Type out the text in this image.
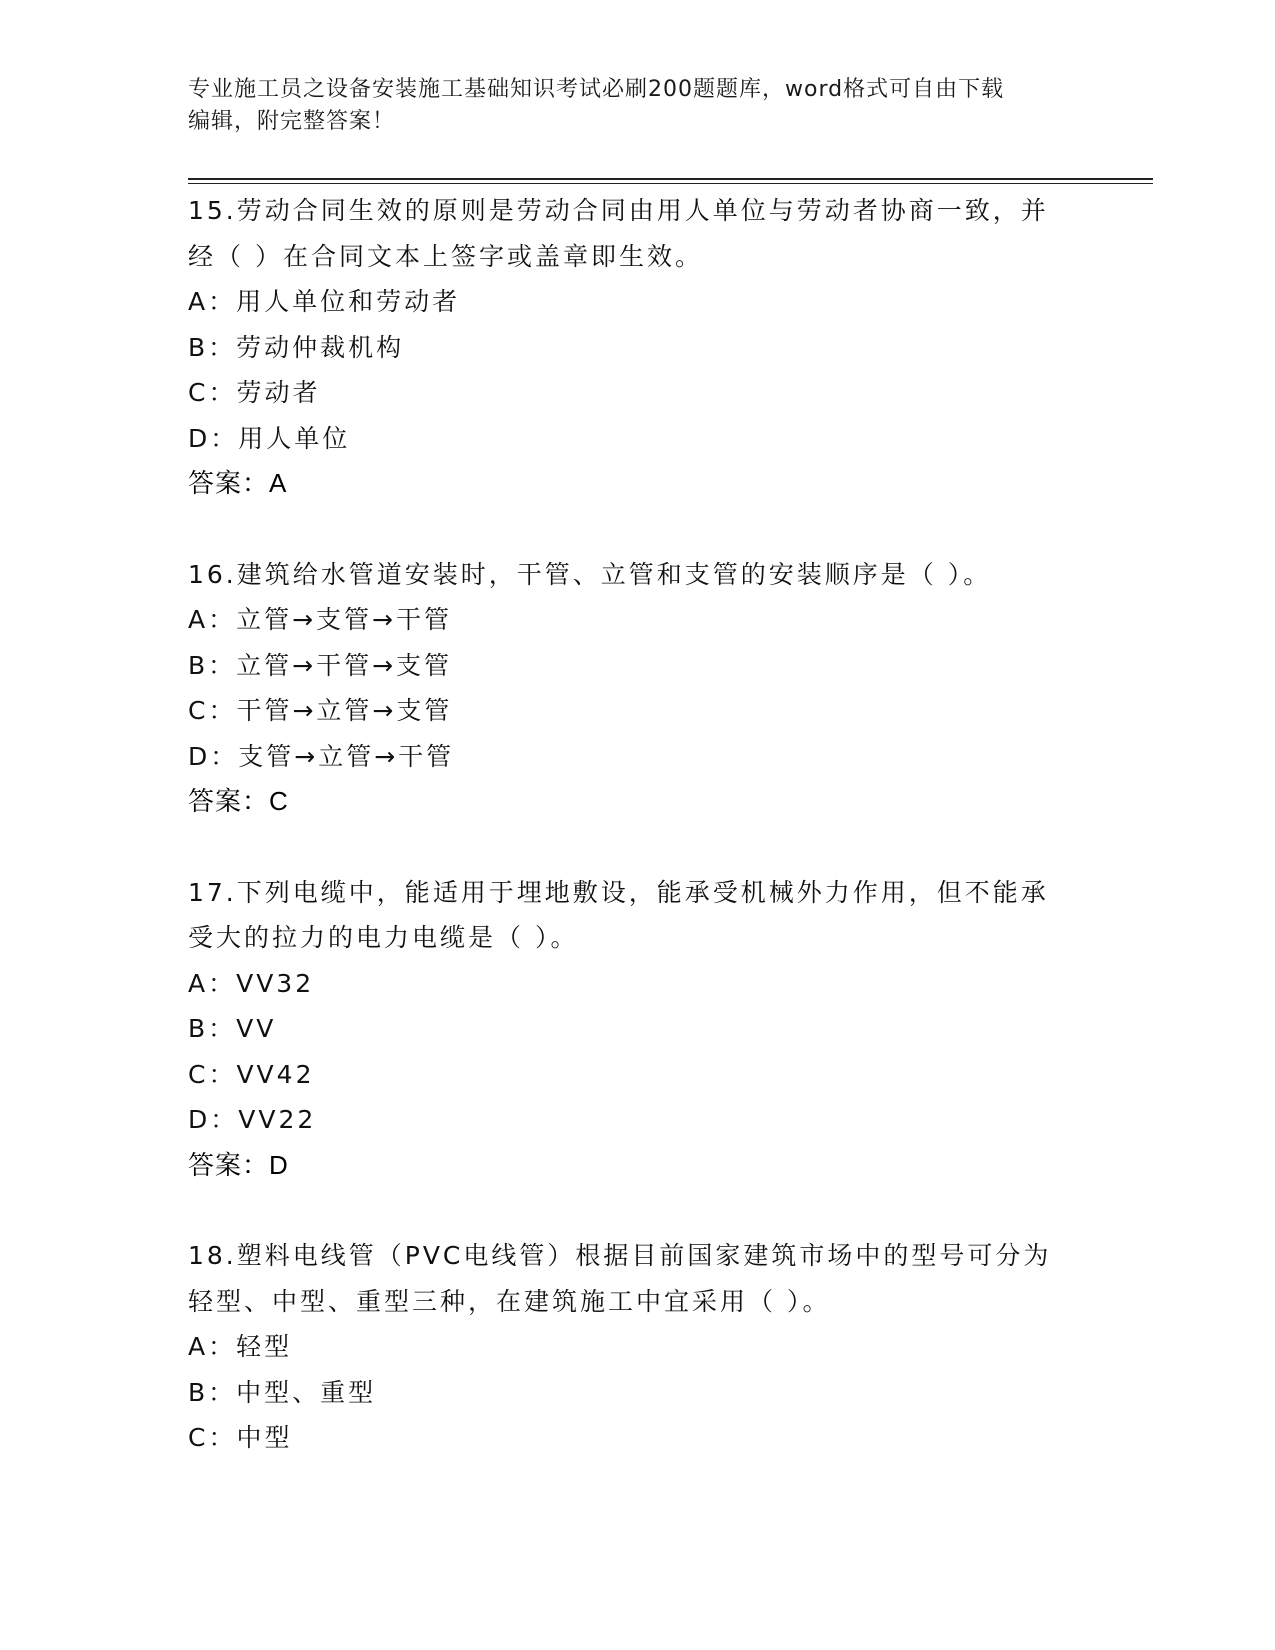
专业施工员之设备安装施工基础知识考试必刷200题题库，word格式可自由下载
编辑，附完整答案！
15.劳动合同生效的原则是劳动合同由用人单位与劳动者协商一致，并
经（ ）在合同文本上签字或盖章即生效。
A：用人单位和劳动者
B：劳动仲裁机构
C：劳动者
D：用人单位
答案：A
16.建筑给水管道安装时，干管、立管和支管的安装顺序是（ ）。
A：立管→支管→干管
B：立管→干管→支管
C：干管→立管→支管
D：支管→立管→干管
答案：C
17.下列电缆中，能适用于埋地敷设，能承受机械外力作用，但不能承
受大的拉力的电力电缆是（ ）。
A：VV32
B：VV
C：VV42
D：VV22
答案：D
18.塑料电线管（PVC电线管）根据目前国家建筑市场中的型号可分为
轻型、中型、重型三种，在建筑施工中宜采用（ ）。
A：轻型
B：中型、重型
C：中型
